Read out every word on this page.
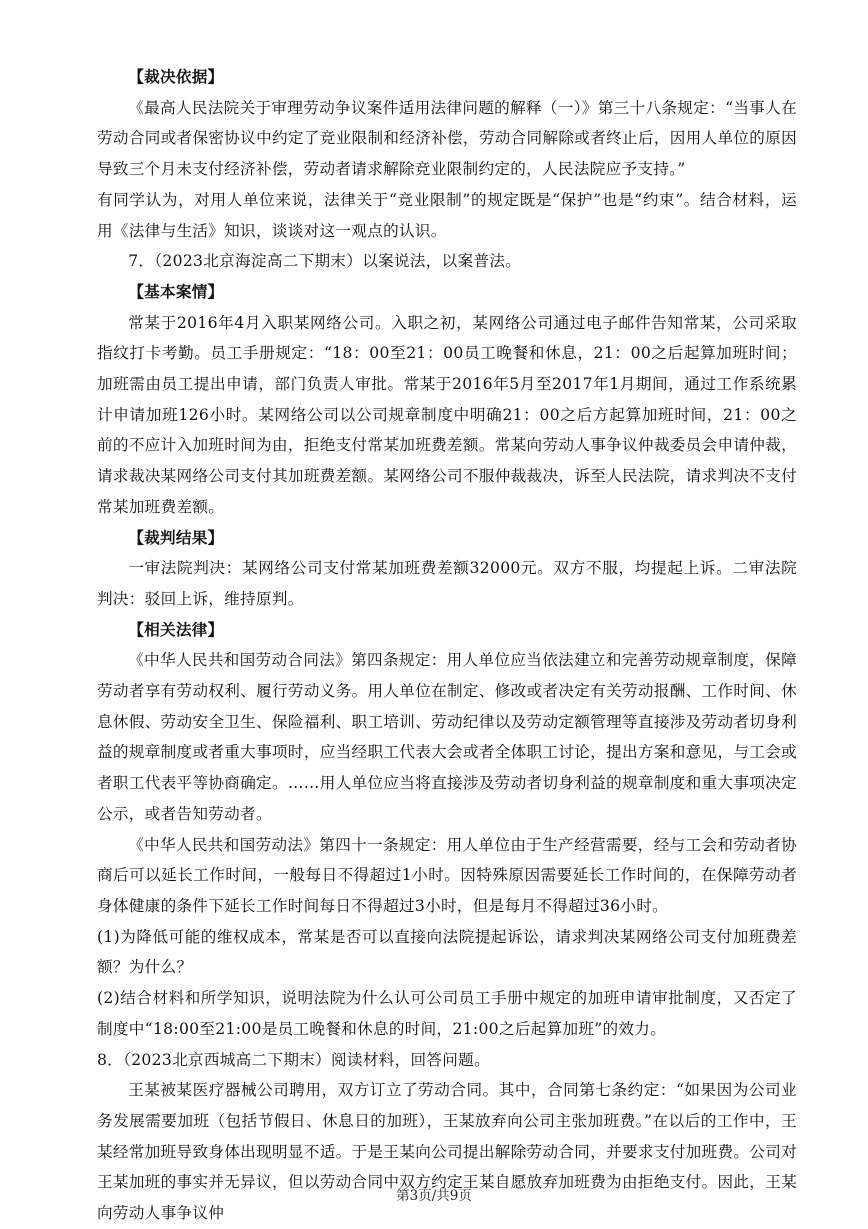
【裁决依据】

《最高人民法院关于审理劳动争议案件适用法律问题的解释（一）》第三十八条规定：“当事人在劳动合同或者保密协议中约定了竞业限制和经济补偿，劳动合同解除或者终止后，因用人单位的原因导致三个月未支付经济补偿，劳动者请求解除竞业限制约定的，人民法院应予支持。”

有同学认为，对用人单位来说，法律关于“竞业限制”的规定既是“保护”也是“约束”。结合材料，运用《法律与生活》知识，谈谈对这一观点的认识。

7．（2023北京海淀高二下期末）以案说法，以案普法。

【基本案情】

常某于2016年4月入职某网络公司。入职之初，某网络公司通过电子邮件告知常某，公司采取指纹打卡考勤。员工手册规定：“18：00至21：00员工晚餐和休息，21：00之后起算加班时间；加班需由员工提出申请，部门负责人审批。常某于2016年5月至2017年1月期间，通过工作系统累计申请加班126小时。某网络公司以公司规章制度中明确21：00之后方起算加班时间，21：00之前的不应计入加班时间为由，拒绝支付常某加班费差额。常某向劳动人事争议仲裁委员会申请仲裁，请求裁决某网络公司支付其加班费差额。某网络公司不服仲裁裁决，诉至人民法院，请求判决不支付常某加班费差额。

【裁判结果】

一审法院判决：某网络公司支付常某加班费差额32000元。双方不服，均提起上诉。二审法院判决：驳回上诉，维持原判。

【相关法律】

《中华人民共和国劳动合同法》第四条规定：用人单位应当依法建立和完善劳动规章制度，保障劳动者享有劳动权利、履行劳动义务。用人单位在制定、修改或者决定有关劳动报酬、工作时间、休息休假、劳动安全卫生、保险福利、职工培训、劳动纪律以及劳动定额管理等直接涉及劳动者切身利益的规章制度或者重大事项时，应当经职工代表大会或者全体职工讨论，提出方案和意见，与工会或者职工代表平等协商确定。……用人单位应当将直接涉及劳动者切身利益的规章制度和重大事项决定公示，或者告知劳动者。

《中华人民共和国劳动法》第四十一条规定：用人单位由于生产经营需要，经与工会和劳动者协商后可以延长工作时间，一般每日不得超过1小时。因特殊原因需要延长工作时间的，在保障劳动者身体健康的条件下延长工作时间每日不得超过3小时，但是每月不得超过36小时。

(1)为降低可能的维权成本，常某是否可以直接向法院提起诉讼，请求判决某网络公司支付加班费差额？为什么？

(2)结合材料和所学知识，说明法院为什么认可公司员工手册中规定的加班申请审批制度，又否定了制度中“18:00至21:00是员工晚餐和休息的时间，21:00之后起算加班”的效力。

8．（2023北京西城高二下期末）阅读材料，回答问题。

王某被某医疗器械公司聘用，双方订立了劳动合同。其中，合同第七条约定：“如果因为公司业务发展需要加班（包括节假日、休息日的加班），王某放弃向公司主张加班费。”在以后的工作中，王某经常加班导致身体出现明显不适。于是王某向公司提出解除劳动合同，并要求支付加班费。公司对王某加班的事实并无异议，但以劳动合同中双方约定王某自愿放弃加班费为由拒绝支付。因此，王某向劳动人事争议仲

第3页/共9页
